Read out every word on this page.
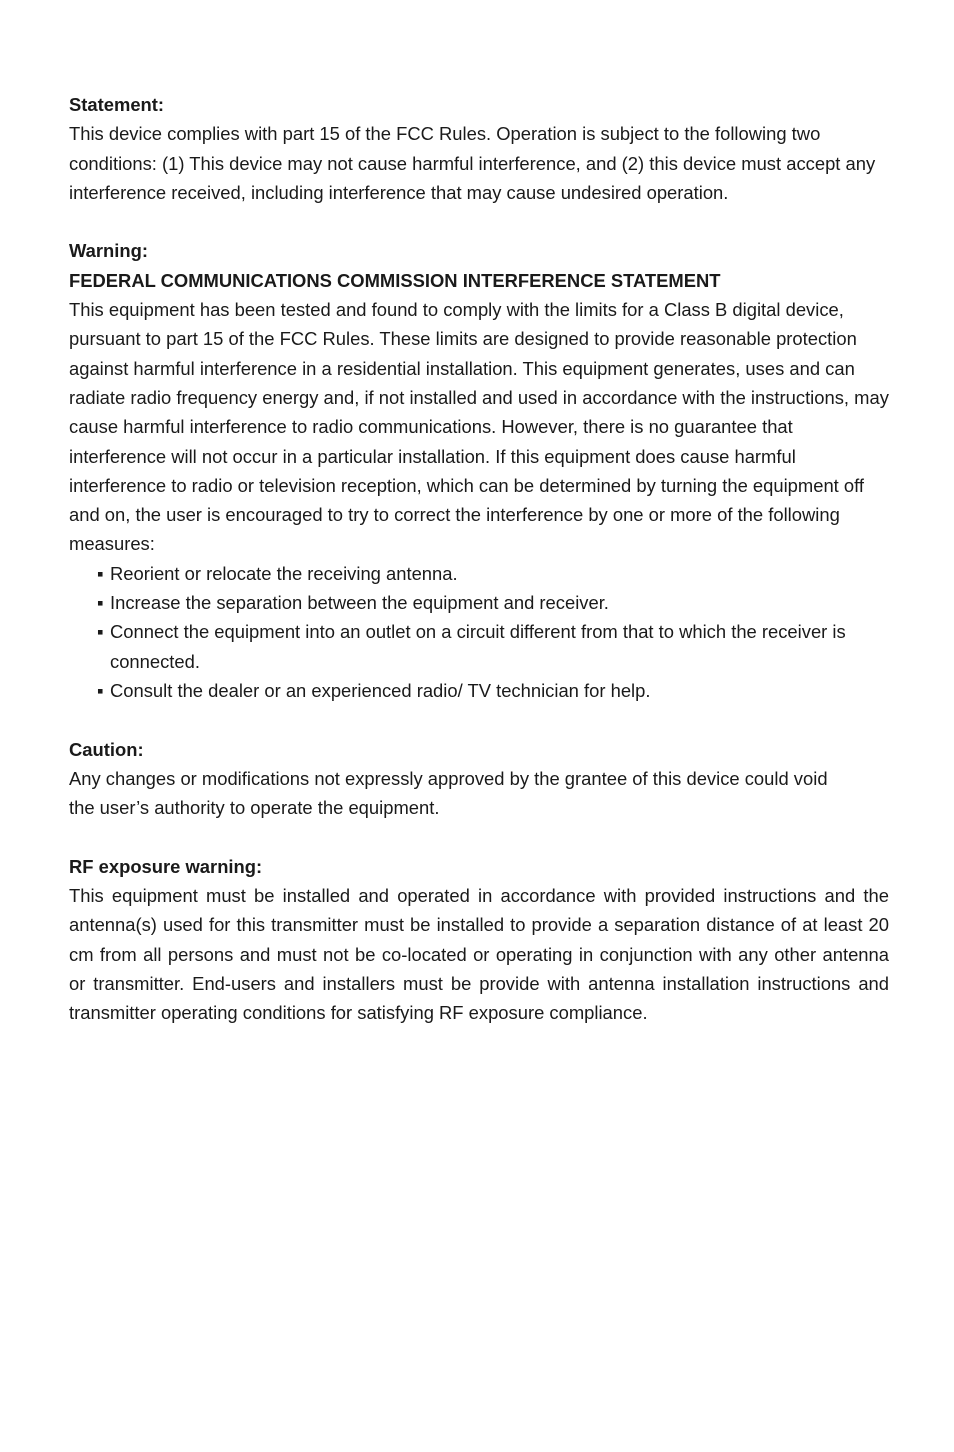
Statement:

This device complies with part 15 of the FCC Rules. Operation is subject to the following two conditions: (1) This device may not cause harmful interference, and (2) this device must accept any interference received, including interference that may cause undesired operation.

Warning:

FEDERAL COMMUNICATIONS COMMISSION INTERFERENCE STATEMENT

This equipment has been tested and found to comply with the limits for a Class B digital device, pursuant to part 15 of the FCC Rules. These limits are designed to provide reasonable protection against harmful interference in a residential installation. This equipment generates, uses and can radiate radio frequency energy and, if not installed and used in accordance with the instructions, may cause harmful interference to radio communications. However, there is no guarantee that interference will not occur in a particular installation. If this equipment does cause harmful interference to radio or television reception, which can be determined by turning the equipment off and on, the user is encouraged to try to correct the interference by one or more of the following measures:

▪ Reorient or relocate the receiving antenna.
▪ Increase the separation between the equipment and receiver.
▪ Connect the equipment into an outlet on a circuit different from that to which the receiver is connected.
▪ Consult the dealer or an experienced radio/ TV technician for help.

Caution:

Any changes or modifications not expressly approved by the grantee of this device could void the user’s authority to operate the equipment.

RF exposure warning:

This equipment must be installed and operated in accordance with provided instructions and the antenna(s) used for this transmitter must be installed to provide a separation distance of at least 20 cm from all persons and must not be co-located or operating in conjunction with any other antenna or transmitter. End-users and installers must be provide with antenna installation instructions and transmitter operating conditions for satisfying RF exposure compliance.
